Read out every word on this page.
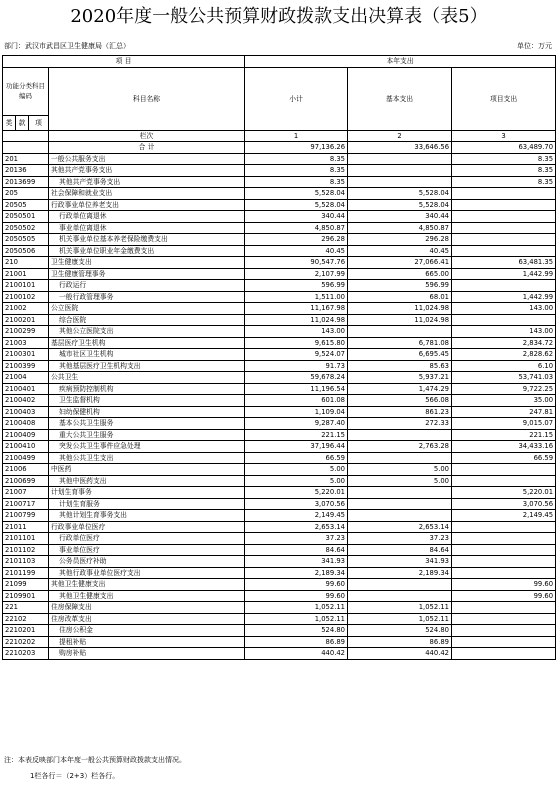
2020年度一般公共预算财政拨款支出决算表（表5）
部门：武汉市武昌区卫生健康局（汇总）	单位：万元
项 目				本年支出		
功能分类科目编码			科目名称	小计	基本支出	项目支出
类	款	项				
			栏次	1	2	3
			合 计	97,136.26	33,646.56	63,489.70
201			一般公共服务支出	8.35		8.35
20136			其他共产党事务支出	8.35		8.35
2013699			其他共产党事务支出	8.35		8.35
205			社会保障和就业支出	5,528.04	5,528.04	
20505			行政事业单位养老支出	5,528.04	5,528.04	
2050501			行政单位离退休	340.44	340.44	
2050502			事业单位离退休	4,850.87	4,850.87	
2050505			机关事业单位基本养老保险缴费支出	296.28	296.28	
2050506			机关事业单位职业年金缴费支出	40.45	40.45	
210			卫生健康支出	90,547.76	27,066.41	63,481.35
21001			卫生健康管理事务	2,107.99	665.00	1,442.99
2100101			行政运行	596.99	596.99	
2100102			一般行政管理事务	1,511.00	68.01	1,442.99
21002			公立医院	11,167.98	11,024.98	143.00
2100201			综合医院	11,024.98	11,024.98	
2100299			其他公立医院支出	143.00		143.00
21003			基层医疗卫生机构	9,615.80	6,781.08	2,834.72
2100301			城市社区卫生机构	9,524.07	6,695.45	2,828.62
2100399			其他基层医疗卫生机构支出	91.73	85.63	6.10
21004			公共卫生	59,678.24	5,937.21	53,741.03
2100401			疾病预防控制机构	11,196.54	1,474.29	9,722.25
2100402			卫生监督机构	601.08	566.08	35.00
2100403			妇幼保健机构	1,109.04	861.23	247.81
2100408			基本公共卫生服务	9,287.40	272.33	9,015.07
2100409			重大公共卫生服务	221.15		221.15
2100410			突发公共卫生事件应急处理	37,196.44	2,763.28	34,433.16
2100499			其他公共卫生支出	66.59		66.59
21006			中医药	5.00	5.00	
2100699			其他中医药支出	5.00	5.00	
21007			计划生育事务	5,220.01		5,220.01
2100717			计划生育服务	3,070.56		3,070.56
2100799			其他计划生育事务支出	2,149.45		2,149.45
21011			行政事业单位医疗	2,653.14	2,653.14	
2101101			行政单位医疗	37.23	37.23	
2101102			事业单位医疗	84.64	84.64	
2101103			公务员医疗补助	341.93	341.93	
2101199			其他行政事业单位医疗支出	2,189.34	2,189.34	
21099			其他卫生健康支出	99.60		99.60
2109901			其他卫生健康支出	99.60		99.60
221			住房保障支出	1,052.11	1,052.11	
22102			住房改革支出	1,052.11	1,052.11	
2210201			住房公积金	524.80	524.80	
2210202			提租补贴	86.89	86.89	
2210203			购房补贴	440.42	440.42	
注：本表反映部门本年度一般公共预算财政拨款支出情况。
1栏各行＝（2+3）栏各行。
